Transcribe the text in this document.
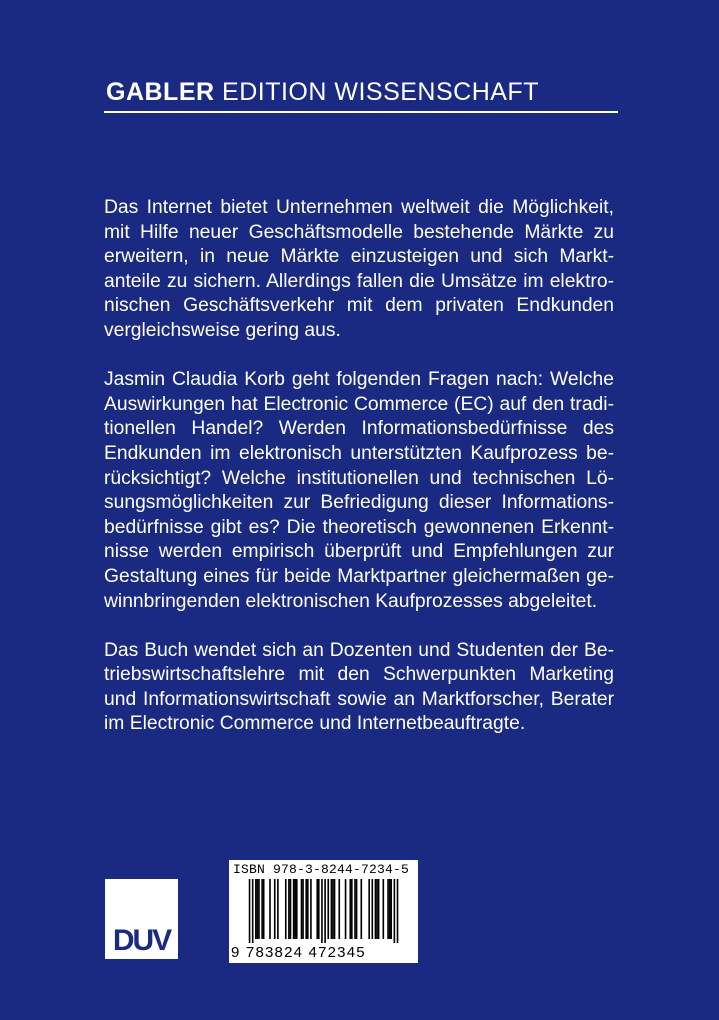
GABLER EDITION WISSENSCHAFT

Das Internet bietet Unternehmen weltweit die Möglichkeit, mit Hilfe neuer Geschäftsmodelle bestehende Märkte zu erweitern, in neue Märkte einzusteigen und sich Marktanteile zu sichern. Allerdings fallen die Umsätze im elektronischen Geschäftsverkehr mit dem privaten Endkunden vergleichsweise gering aus.

Jasmin Claudia Korb geht folgenden Fragen nach: Welche Auswirkungen hat Electronic Commerce (EC) auf den traditionellen Handel? Werden Informationsbedürfnisse des Endkunden im elektronisch unterstützten Kaufprozess berücksichtigt? Welche institutionellen und technischen Lösungsmöglichkeiten zur Befriedigung dieser Informationsbedürfnisse gibt es? Die theoretisch gewonnenen Erkenntnisse werden empirisch überprüft und Empfehlungen zur Gestaltung eines für beide Marktpartner gleichermaßen gewinnbringenden elektronischen Kaufprozesses abgeleitet.

Das Buch wendet sich an Dozenten und Studenten der Betriebswirtschaftslehre mit den Schwerpunkten Marketing und Informationswirtschaft sowie an Marktforscher, Berater im Electronic Commerce und Internetbeauftragte.

DUV
ISBN 978-3-8244-7234-5
9 783824 472345
